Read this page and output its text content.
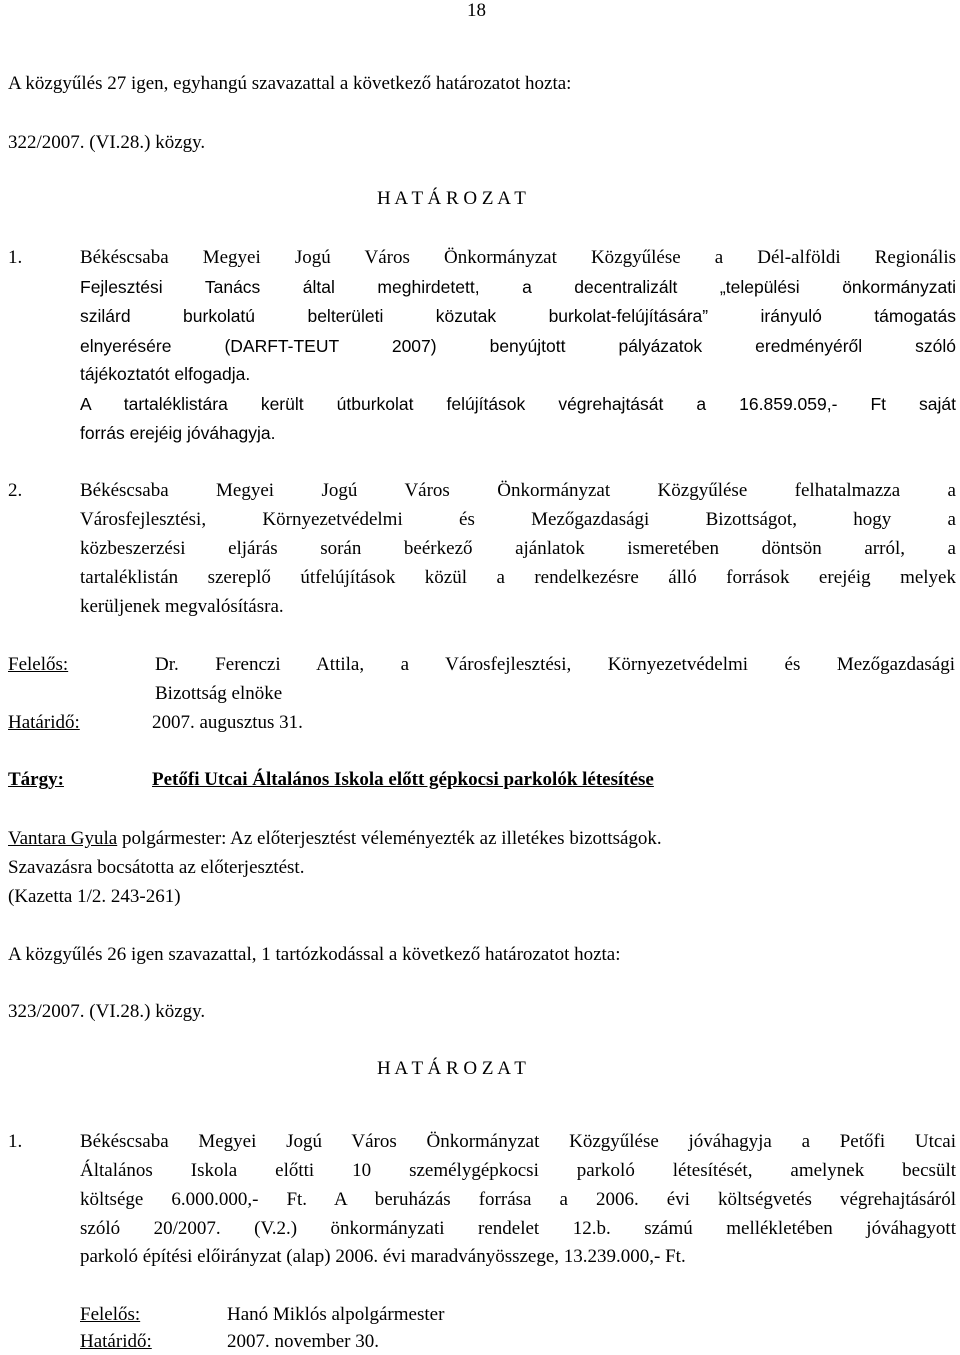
18
A közgyűlés 27 igen, egyhangú szavazattal a következő határozatot hozta:
322/2007. (VI.28.) közgy.
H A T Á R O Z A T
1.	Békéscsaba Megyei Jogú Város Önkormányzat Közgyűlése a Dél-alföldi Regionális
Fejlesztési Tanács által meghirdetett, a decentralizált „települési önkormányzati
szilárd burkolatú belterületi közutak burkolat-felújítására” irányuló támogatás
elnyerésére (DARFT-TEUT 2007) benyújtott pályázatok eredményéről szóló
tájékoztatót elfogadja.
A tartaléklistára került útburkolat felújítások végrehajtását a 16.859.059,- Ft saját
forrás erejéig jóváhagyja.
2.	Békéscsaba Megyei Jogú Város Önkormányzat Közgyűlése felhatalmazza a
Városfejlesztési, Környezetvédelmi és Mezőgazdasági Bizottságot, hogy a
közbeszerzési eljárás során beérkező ajánlatok ismeretében döntsön arról, a
tartaléklistán szereplő útfelújítások közül a rendelkezésre álló források erejéig melyek
kerüljenek megvalósításra.
Felelős:	Dr. Ferenczi Attila, a Városfejlesztési, Környezetvédelmi és Mezőgazdasági
Bizottság elnöke
Határidő:	2007. augusztus 31.
Tárgy:	Petőfi Utcai Általános Iskola előtt gépkocsi parkolók létesítése
Vantara Gyula polgármester: Az előterjesztést véleményezték az illetékes bizottságok.
Szavazásra bocsátotta az előterjesztést.
(Kazetta 1/2. 243-261)
A közgyűlés 26 igen szavazattal, 1 tartózkodással a következő határozatot hozta:
323/2007. (VI.28.) közgy.
H A T Á R O Z A T
1.	Békéscsaba Megyei Jogú Város Önkormányzat Közgyűlése jóváhagyja a Petőfi Utcai
Általános Iskola előtti 10 személygépkocsi parkoló létesítését, amelynek becsült
költsége 6.000.000,- Ft. A beruházás forrása a 2006. évi költségvetés végrehajtásáról
szóló 20/2007. (V.2.) önkormányzati rendelet 12.b. számú mellékletében jóváhagyott
parkoló építési előirányzat (alap) 2006. évi maradványösszege, 13.239.000,- Ft.
Felelős:	Hanó Miklós alpolgármester
Határidő:	2007. november 30.
